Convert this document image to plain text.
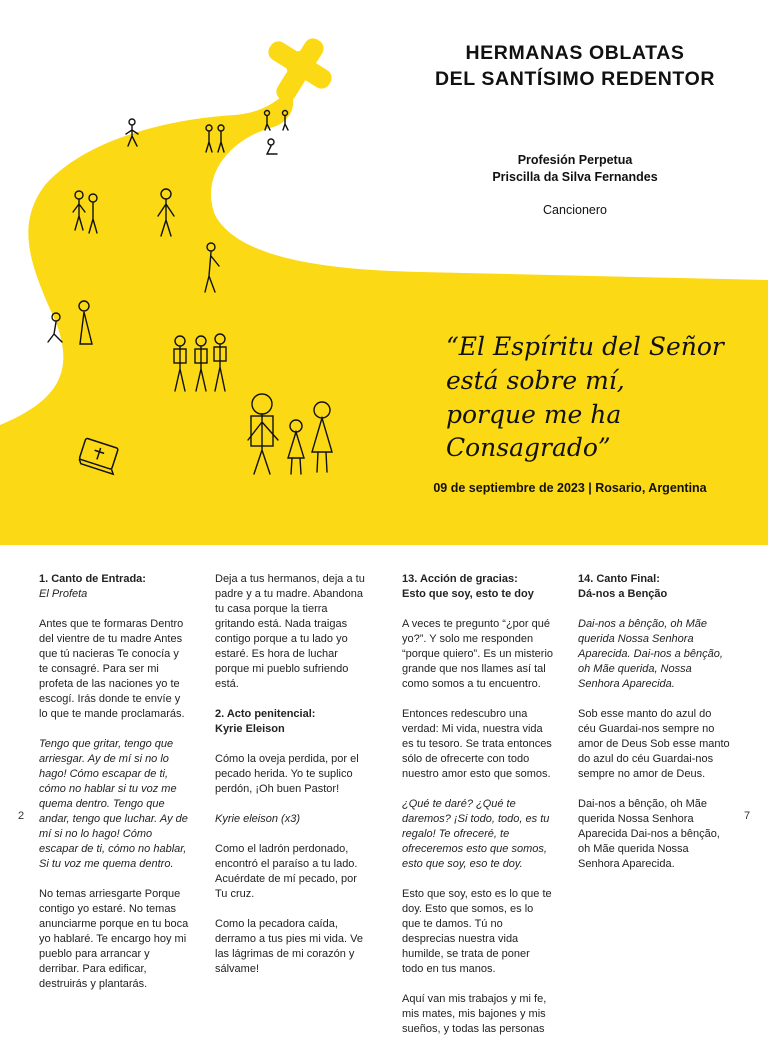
HERMANAS OBLATAS
DEL SANTÍSIMO REDENTOR
Profesión Perpetua
Priscilla da Silva Fernandes
Cancionero
“El Espíritu del Señor
está sobre mí,
porque me ha Consagrado”
09 de septiembre de 2023 | Rosario, Argentina
2	7
1. Canto de Entrada:

El Profeta

Antes que te formaras Dentro del vientre de tu madre Antes que tú nacieras Te conocía y te consagré. Para ser mi profeta de las naciones yo te escogí. Irás donde te envíe y lo que te mande proclamarás.

Tengo que gritar, tengo que arriesgar. Ay de mí si no lo hago! Cómo escapar de ti, cómo no hablar si tu voz me quema dentro. Tengo que andar, tengo que luchar. Ay de mí si no lo hago! Cómo escapar de ti, cómo no hablar, Si tu voz me quema dentro.

No temas arriesgarte Porque contigo yo estaré. No temas anunciarme porque en tu boca yo hablaré. Te encargo hoy mi pueblo para arrancar y derribar. Para edificar, destruirás y plantarás.

Deja a tus hermanos, deja a tu padre y a tu madre. Abandona tu casa porque la tierra gritando está. Nada traigas contigo porque a tu lado yo estaré. Es hora de luchar porque mi pueblo sufriendo está.

2. Acto penitencial:

Kyrie Eleison

Cómo la oveja perdida, por el pecado herida. Yo te suplico perdón, ¡Oh buen Pastor!

Kyrie eleison (x3)

Como el ladrón perdonado, encontró el paraíso a tu lado. Acuérdate de mí pecado, por Tu cruz.

Como la pecadora caída, derramo a tus pies mi vida. Ve las lágrimas de mi corazón y sálvame!

13. Acción de gracias:

Esto que soy, esto te doy

A veces te pregunto “¿por qué yo?”. Y solo me responden “porque quiero”. Es un misterio grande que nos llames así tal como somos a tu encuentro.

Entonces redescubro una verdad: Mi vida, nuestra vida es tu tesoro. Se trata entonces sólo de ofrecerte con todo nuestro amor esto que somos.

¿Qué te daré? ¿Qué te daremos? ¡Si todo, todo, es tu regalo! Te ofreceré, te ofreceremos esto que somos, esto que soy, eso te doy.

Esto que soy, esto es lo que te doy. Esto que somos, es lo que te damos. Tú no desprecias nuestra vida humilde, se trata de poner todo en tus manos.

Aquí van mis trabajos y mi fe, mis mates, mis bajones y mis sueños, y todas las personas

14. Canto Final:

Dá-nos a Benção

Dai-nos a bênção, oh Mãe querida Nossa Senhora Aparecida. Dai-nos a bênção, oh Mãe querida, Nossa Senhora Aparecida.

Sob esse manto do azul do céu Guardai-nos sempre no amor de Deus Sob esse manto do azul do céu Guardai-nos sempre no amor de Deus.

Dai-nos a bênção, oh Mãe querida Nossa Senhora Aparecida Dai-nos a bênção, oh Mãe querida Nossa Senhora Aparecida.
